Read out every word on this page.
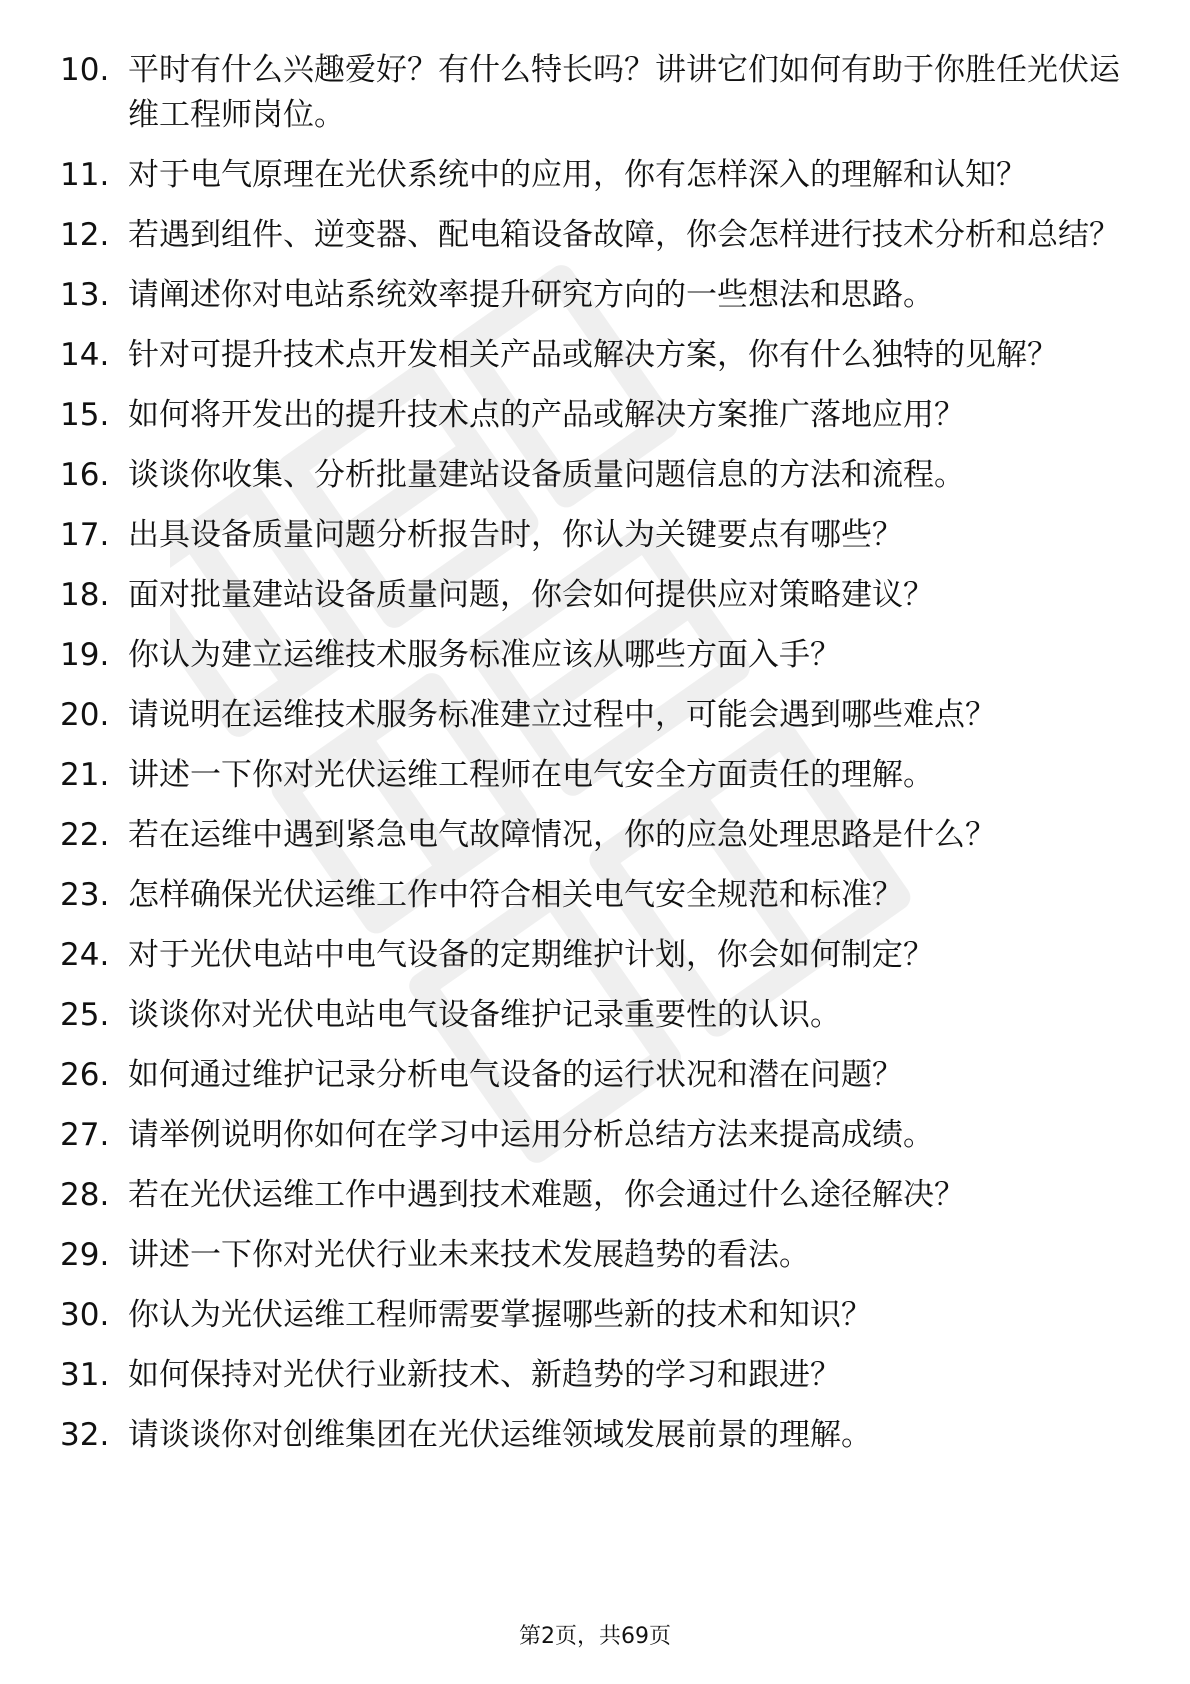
10. 平时有什么兴趣爱好？有什么特长吗？讲讲它们如何有助于你胜任光伏运维工程师岗位。
11. 对于电气原理在光伏系统中的应用，你有怎样深入的理解和认知？
12. 若遇到组件、逆变器、配电箱设备故障，你会怎样进行技术分析和总结？
13. 请阐述你对电站系统效率提升研究方向的一些想法和思路。
14. 针对可提升技术点开发相关产品或解决方案，你有什么独特的见解？
15. 如何将开发出的提升技术点的产品或解决方案推广落地应用？
16. 谈谈你收集、分析批量建站设备质量问题信息的方法和流程。
17. 出具设备质量问题分析报告时，你认为关键要点有哪些？
18. 面对批量建站设备质量问题，你会如何提供应对策略建议？
19. 你认为建立运维技术服务标准应该从哪些方面入手？
20. 请说明在运维技术服务标准建立过程中，可能会遇到哪些难点？
21. 讲述一下你对光伏运维工程师在电气安全方面责任的理解。
22. 若在运维中遇到紧急电气故障情况，你的应急处理思路是什么？
23. 怎样确保光伏运维工作中符合相关电气安全规范和标准？
24. 对于光伏电站中电气设备的定期维护计划，你会如何制定？
25. 谈谈你对光伏电站电气设备维护记录重要性的认识。
26. 如何通过维护记录分析电气设备的运行状况和潜在问题？
27. 请举例说明你如何在学习中运用分析总结方法来提高成绩。
28. 若在光伏运维工作中遇到技术难题，你会通过什么途径解决？
29. 讲述一下你对光伏行业未来技术发展趋势的看法。
30. 你认为光伏运维工程师需要掌握哪些新的技术和知识？
31. 如何保持对光伏行业新技术、新趋势的学习和跟进？
32. 请谈谈你对创维集团在光伏运维领域发展前景的理解。
第2页，共69页
